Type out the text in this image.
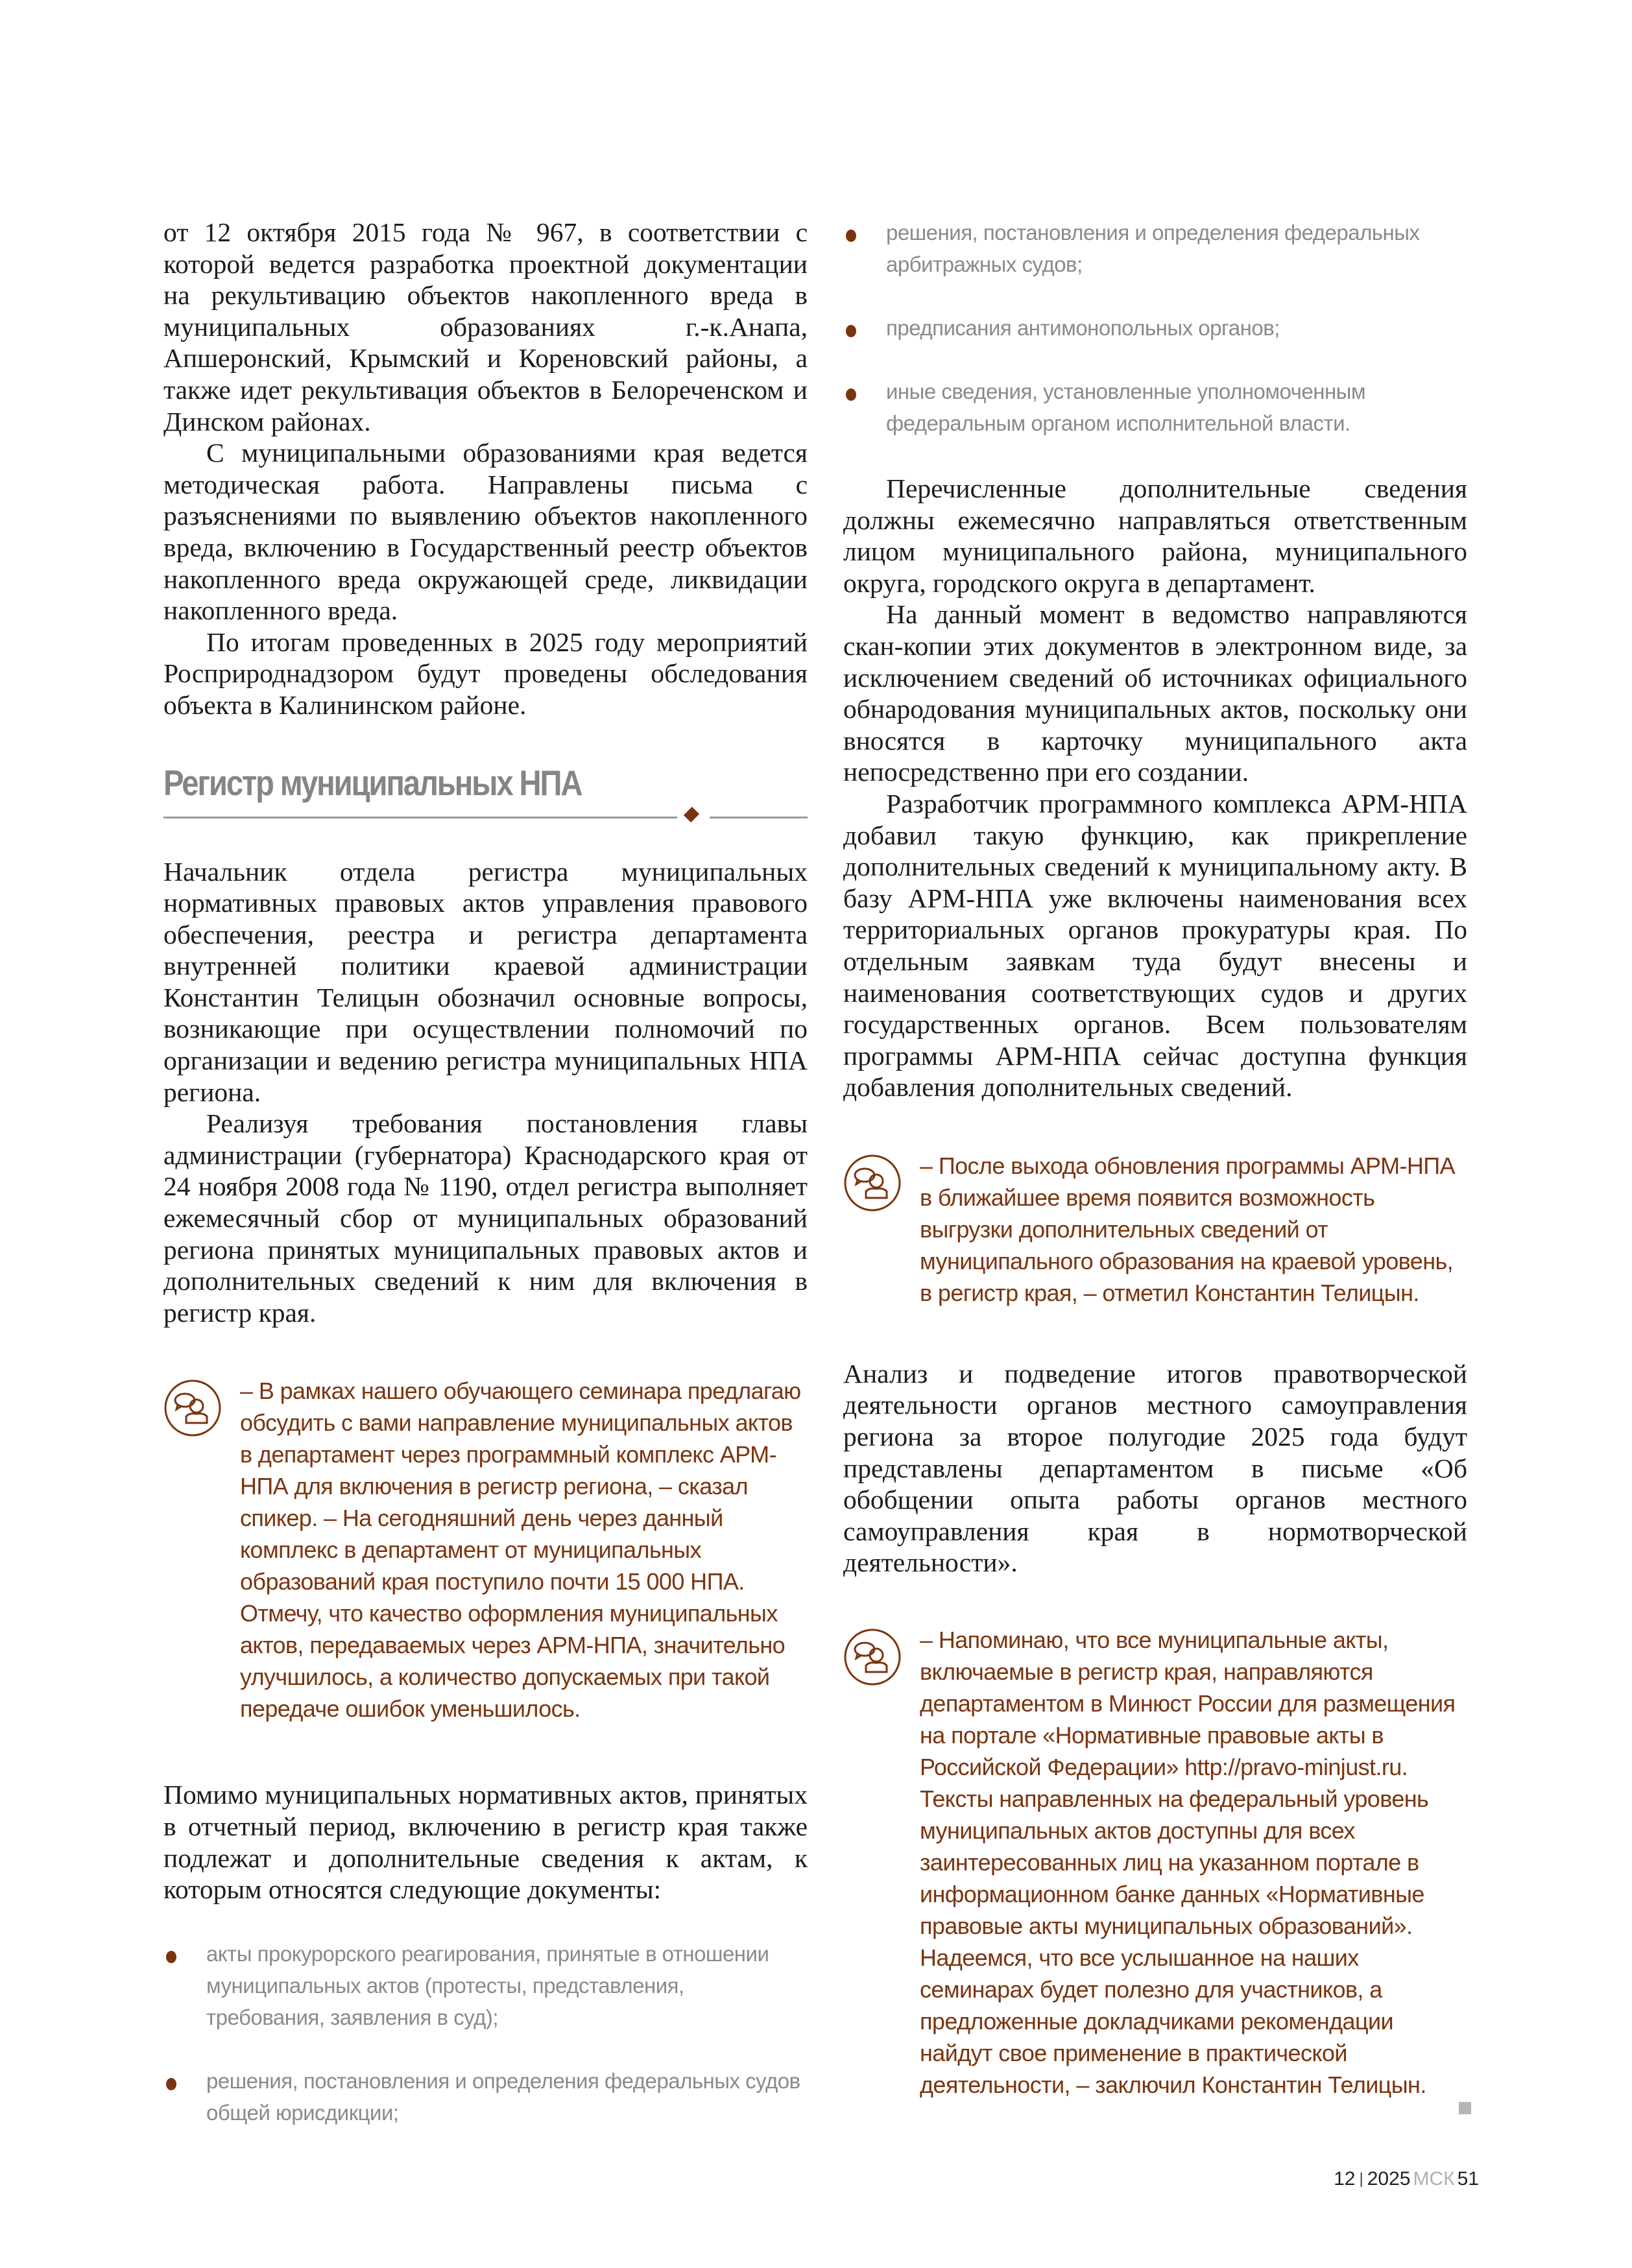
от 12 октября 2015 года № 967, в соответствии с которой ведется разработка проектной документации на рекультивацию объектов накопленного вреда в муниципальных образованиях г.-к.Анапа, Апшеронский, Крымский и Кореновский районы, а также идет рекультивация объектов в Белореченском и Динском районах.

С муниципальными образованиями края ведется методическая работа. Направлены письма с разъяснениями по выявлению объектов накопленного вреда, включению в Государственный реестр объектов накопленного вреда окружающей среде, ликвидации накопленного вреда.

По итогам проведенных в 2025 году мероприятий Росприроднадзором будут проведены обследования объекта в Калининском районе.

Регистр муниципальных НПА

Начальник отдела регистра муниципальных нормативных правовых актов управления правового обеспечения, реестра и регистра департамента внутренней политики краевой администрации Константин Телицын обозначил основные вопросы, возникающие при осуществлении полномочий по организации и ведению регистра муниципальных НПА региона.

Реализуя требования постановления главы администрации (губернатора) Краснодарского края от 24 ноября 2008 года № 1190, отдел регистра выполняет ежемесячный сбор от муниципальных образований региона принятых муниципальных правовых актов и дополнительных сведений к ним для включения в регистр края.

– В рамках нашего обучающего семинара предлагаю обсудить с вами направление муниципальных актов в департамент через программный комплекс АРМ-НПА для включения в регистр региона, – сказал спикер. – На сегодняшний день через данный комплекс в департамент от муниципальных образований края поступило почти 15 000 НПА. Отмечу, что качество оформления муниципальных актов, передаваемых через АРМ-НПА, значительно улучшилось, а количество допускаемых при такой передаче ошибок уменьшилось.

Помимо муниципальных нормативных актов, принятых в отчетный период, включению в регистр края также подлежат и дополнительные сведения к актам, к которым относятся следующие документы:

акты прокурорского реагирования, принятые в отношении муниципальных актов (протесты, представления, требования, заявления в суд);

решения, постановления и определения федеральных судов общей юрисдикции;

решения, постановления и определения федеральных арбитражных судов;

предписания антимонопольных органов;

иные сведения, установленные уполномоченным федеральным органом исполнительной власти.

Перечисленные дополнительные сведения должны ежемесячно направляться ответственным лицом муниципального района, муниципального округа, городского округа в департамент.

На данный момент в ведомство направляются скан-копии этих документов в электронном виде, за исключением сведений об источниках официального обнародования муниципальных актов, поскольку они вносятся в карточку муниципального акта непосредственно при его создании.

Разработчик программного комплекса АРМ-НПА добавил такую функцию, как прикрепление дополнительных сведений к муниципальному акту. В базу АРМ-НПА уже включены наименования всех территориальных органов прокуратуры края. По отдельным заявкам туда будут внесены и наименования соответствующих судов и других государственных органов. Всем пользователям программы АРМ-НПА сейчас доступна функция добавления дополнительных сведений.

– После выхода обновления программы АРМ-НПА в ближайшее время появится возможность выгрузки дополнительных сведений от муниципального образования на краевой уровень, в регистр края, – отметил Константин Телицын.

Анализ и подведение итогов правотворческой деятельности органов местного самоуправления региона за второе полугодие 2025 года будут представлены департаментом в письме «Об обобщении опыта работы органов местного самоуправления края в нормотворческой деятельности».

– Напоминаю, что все муниципальные акты, включаемые в регистр края, направляются департаментом в Минюст России для размещения на портале «Нормативные правовые акты в Российской Федерации» http://pravo-minjust.ru. Тексты направленных на федеральный уровень муниципальных актов доступны для всех заинтересованных лиц на указанном портале в информационном банке данных «Нормативные правовые акты муниципальных образований». Надеемся, что все услышанное на наших семинарах будет полезно для участников, а предложенные докладчиками рекомендации найдут свое применение в практической деятельности, – заключил Константин Телицын.

12 | 2025 МСК 51
